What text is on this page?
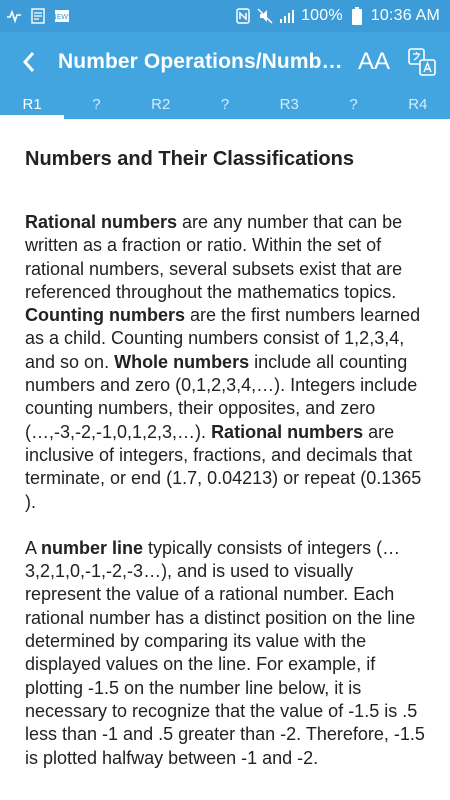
NEWS	100% 10:36 AM
Number Operations/Numb… AA
R1	?	R2	?	R3	?	R4
Numbers and Their Classifications

Rational numbers are any number that can be written as a fraction or ratio. Within the set of rational numbers, several subsets exist that are referenced throughout the mathematics topics. Counting numbers are the first numbers learned as a child. Counting numbers consist of 1,2,3,4, and so on. Whole numbers include all counting numbers and zero (0,1,2,3,4,…). Integers include counting numbers, their opposites, and zero (…,-3,-2,-1,0,1,2,3,…). Rational numbers are inclusive of integers, fractions, and decimals that terminate, or end (1.7, 0.04213) or repeat (0.1365 ).

A number line typically consists of integers (…3,2,1,0,-1,-2,-3…), and is used to visually represent the value of a rational number. Each rational number has a distinct position on the line determined by comparing its value with the displayed values on the line. For example, if plotting -1.5 on the number line below, it is necessary to recognize that the value of -1.5 is .5 less than -1 and .5 greater than -2. Therefore, -1.5 is plotted halfway between -1 and -2.
